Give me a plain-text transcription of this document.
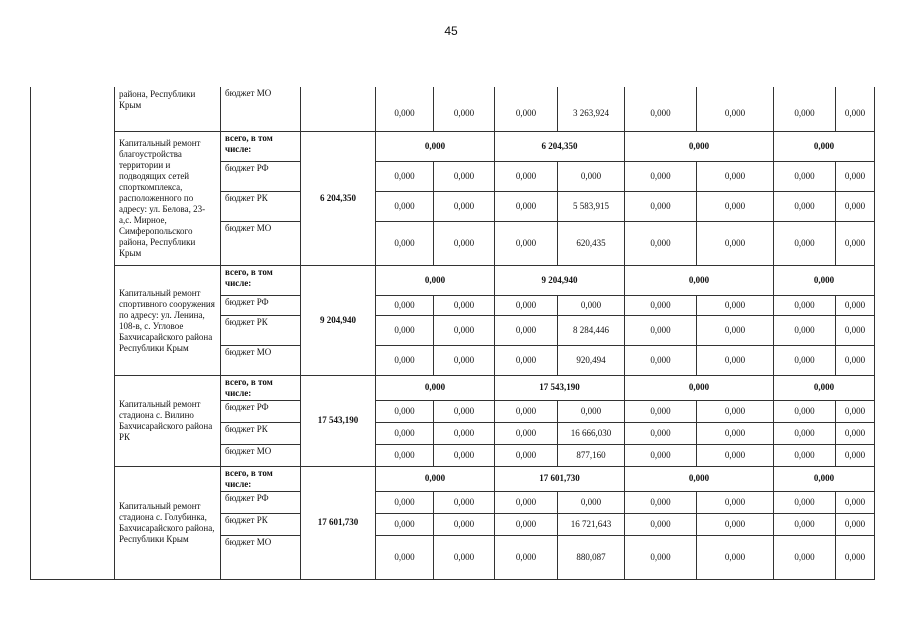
45
	района, Республики Крым	бюджет МО		0,000	0,000	0,000	3 263,924	0,000	0,000	0,000	0,000
	Капитальный ремонт благоустройства территории и подводящих сетей спорткомплекса, расположенного по адресу: ул. Белова, 23-а,с. Мирное, Симферопольского района, Республики Крым	всего, в том числе:	6 204,350	0,000		6 204,350		0,000		0,000	
		бюджет РФ		0,000	0,000	0,000	0,000	0,000	0,000	0,000	0,000
		бюджет РК		0,000	0,000	0,000	5 583,915	0,000	0,000	0,000	0,000
		бюджет МО		0,000	0,000	0,000	620,435	0,000	0,000	0,000	0,000
	Капитальный ремонт спортивного сооружения по адресу: ул. Ленина, 108-в, с. Угловое Бахчисарайского района Республики Крым	всего, в том числе:	9 204,940	0,000		9 204,940		0,000		0,000	
		бюджет РФ		0,000	0,000	0,000	0,000	0,000	0,000	0,000	0,000
		бюджет РК		0,000	0,000	0,000	8 284,446	0,000	0,000	0,000	0,000
		бюджет МО		0,000	0,000	0,000	920,494	0,000	0,000	0,000	0,000
	Капитальный ремонт стадиона с. Вилино Бахчисарайского района РК	всего, в том числе:	17 543,190	0,000		17 543,190		0,000		0,000	
		бюджет РФ		0,000	0,000	0,000	0,000	0,000	0,000	0,000	0,000
		бюджет РК		0,000	0,000	0,000	16 666,030	0,000	0,000	0,000	0,000
		бюджет МО		0,000	0,000	0,000	877,160	0,000	0,000	0,000	0,000
	Капитальный ремонт стадиона с. Голубинка, Бахчисарайского района, Республики Крым	всего, в том числе:	17 601,730	0,000		17 601,730		0,000		0,000	
		бюджет РФ		0,000	0,000	0,000	0,000	0,000	0,000	0,000	0,000
		бюджет РК		0,000	0,000	0,000	16 721,643	0,000	0,000	0,000	0,000
		бюджет МО		0,000	0,000	0,000	880,087	0,000	0,000	0,000	0,000
